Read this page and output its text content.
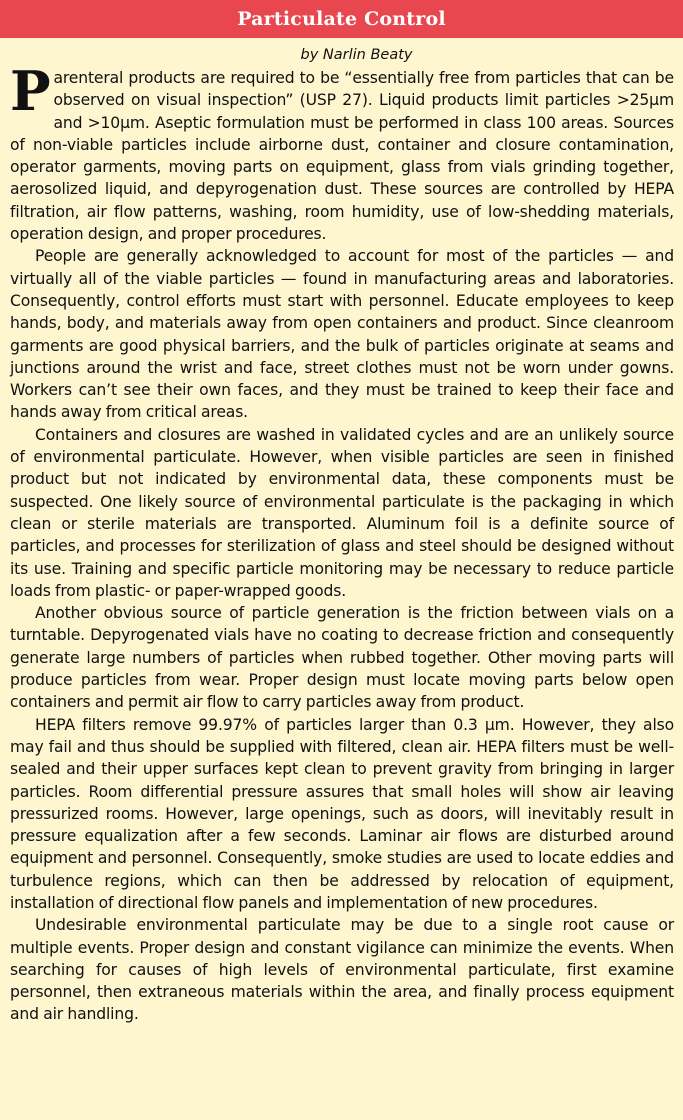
Particulate Control
by Narlin Beaty

Parenteral products are required to be “essentially free from particles that can be observed on visual inspection” (USP 27). Liquid products limit particles >25µm and >10µm. Aseptic formulation must be performed in class 100 areas. Sources of non-viable particles include airborne dust, container and closure contamination, operator garments, moving parts on equipment, glass from vials grinding together, aerosolized liquid, and depyrogenation dust. These sources are controlled by HEPA filtration, air flow patterns, washing, room humidity, use of low-shedding materials, operation design, and proper procedures.

People are generally acknowledged to account for most of the particles — and virtually all of the viable particles — found in manufacturing areas and laboratories. Consequently, control efforts must start with personnel. Educate employees to keep hands, body, and materials away from open containers and product. Since cleanroom garments are good physical barriers, and the bulk of particles originate at seams and junctions around the wrist and face, street clothes must not be worn under gowns. Workers can’t see their own faces, and they must be trained to keep their face and hands away from critical areas.

Containers and closures are washed in validated cycles and are an unlikely source of environmental particulate. However, when visible particles are seen in finished product but not indicated by environmental data, these components must be suspected. One likely source of environmental particulate is the packaging in which clean or sterile materials are transported. Aluminum foil is a definite source of particles, and processes for sterilization of glass and steel should be designed without its use. Training and specific particle monitoring may be necessary to reduce particle loads from plastic- or paper-wrapped goods.

Another obvious source of particle generation is the friction between vials on a turntable. Depyrogenated vials have no coating to decrease friction and consequently generate large numbers of particles when rubbed together. Other moving parts will produce particles from wear. Proper design must locate moving parts below open containers and permit air flow to carry particles away from product.

HEPA filters remove 99.97% of particles larger than 0.3 µm. However, they also may fail and thus should be supplied with filtered, clean air. HEPA filters must be well-sealed and their upper surfaces kept clean to prevent gravity from bringing in larger particles. Room differential pressure assures that small holes will show air leaving pressurized rooms. However, large openings, such as doors, will inevitably result in pressure equalization after a few seconds. Laminar air flows are disturbed around equipment and personnel. Consequently, smoke studies are used to locate eddies and turbulence regions, which can then be addressed by relocation of equipment, installation of directional flow panels and implementation of new procedures.

Undesirable environmental particulate may be due to a single root cause or multiple events. Proper design and constant vigilance can minimize the events. When searching for causes of high levels of environmental particulate, first examine personnel, then extraneous materials within the area, and finally process equipment and air handling.
